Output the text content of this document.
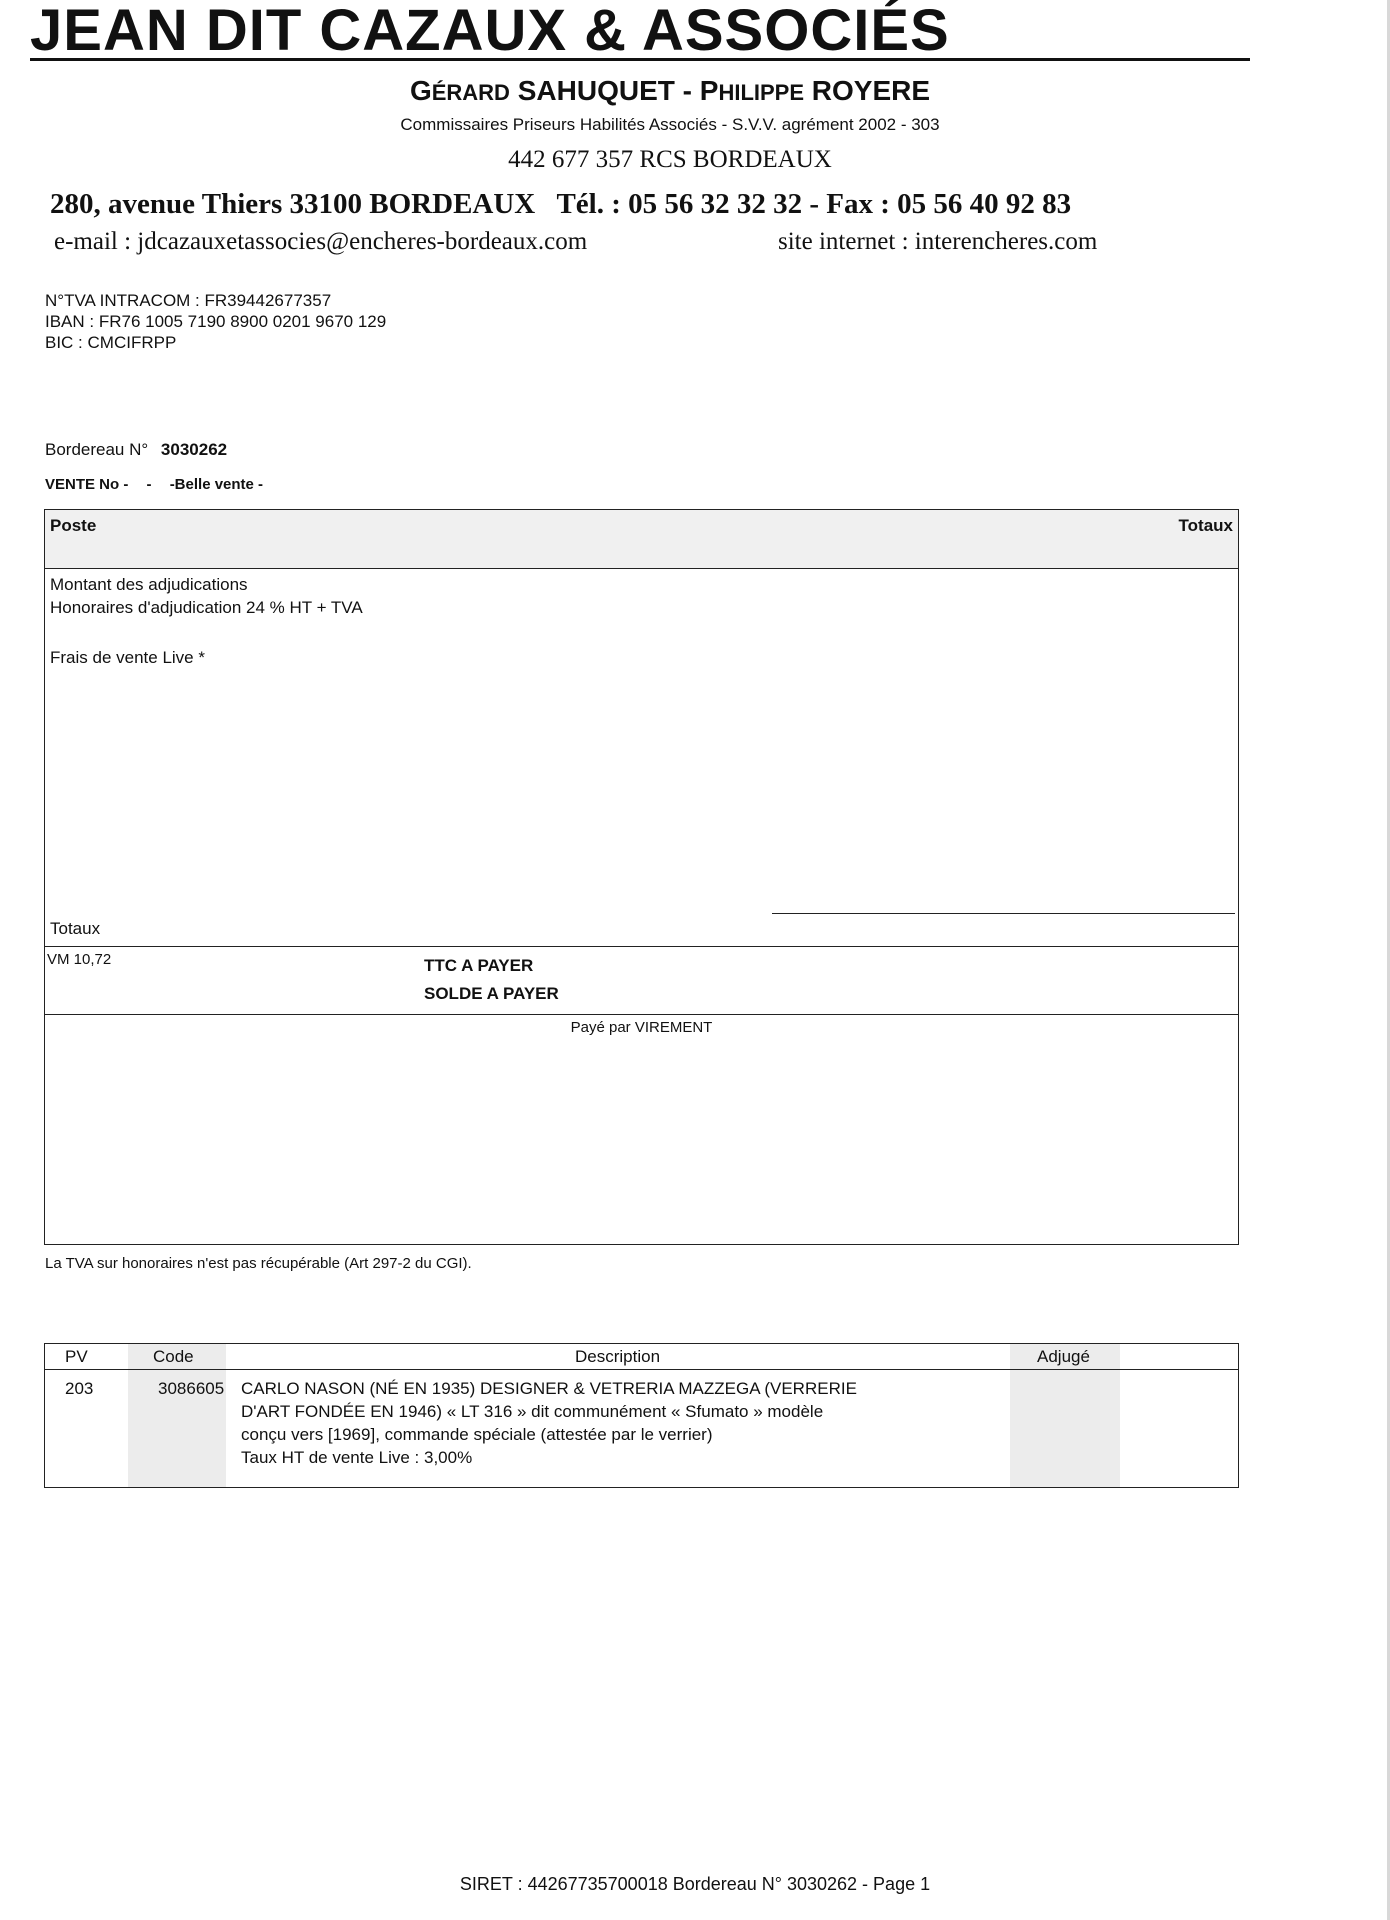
JEAN DIT CAZAUX & ASSOCIÉS
GÉRARD SAHUQUET - PHILIPPE ROYERE
Commissaires Priseurs Habilités Associés - S.V.V. agrément 2002 - 303
442 677 357 RCS BORDEAUX
280, avenue Thiers 33100 BORDEAUX   Tél. : 05 56 32 32 32 - Fax : 05 56 40 92 83
e-mail : jdcazauxetassocies@encheres-bordeaux.com	site internet : interencheres.com
N°TVA INTRACOM : FR39442677357
IBAN : FR76 1005 7190 8900 0201 9670 129
BIC : CMCIFRPP
Bordereau N° 3030262
VENTE No - - -Belle vente -
Poste	Totaux
Montant des adjudications
Honoraires d'adjudication 24 % HT + TVA
Frais de vente Live *
Totaux
VM 10,72	TTC A PAYER
SOLDE A PAYER
Payé par VIREMENT
La TVA sur honoraires n'est pas récupérable (Art 297-2 du CGI).
PV	Code	Description	Adjugé
203	3086605 CARLO NASON (NÉ EN 1935) DESIGNER & VETRERIA MAZZEGA (VERRERIE
D'ART FONDÉE EN 1946) « LT 316 » dit communément « Sfumato » modèle
conçu vers [1969], commande spéciale (attestée par le verrier)
Taux HT de vente Live : 3,00%
SIRET : 44267735700018 Bordereau N° 3030262 - Page 1
